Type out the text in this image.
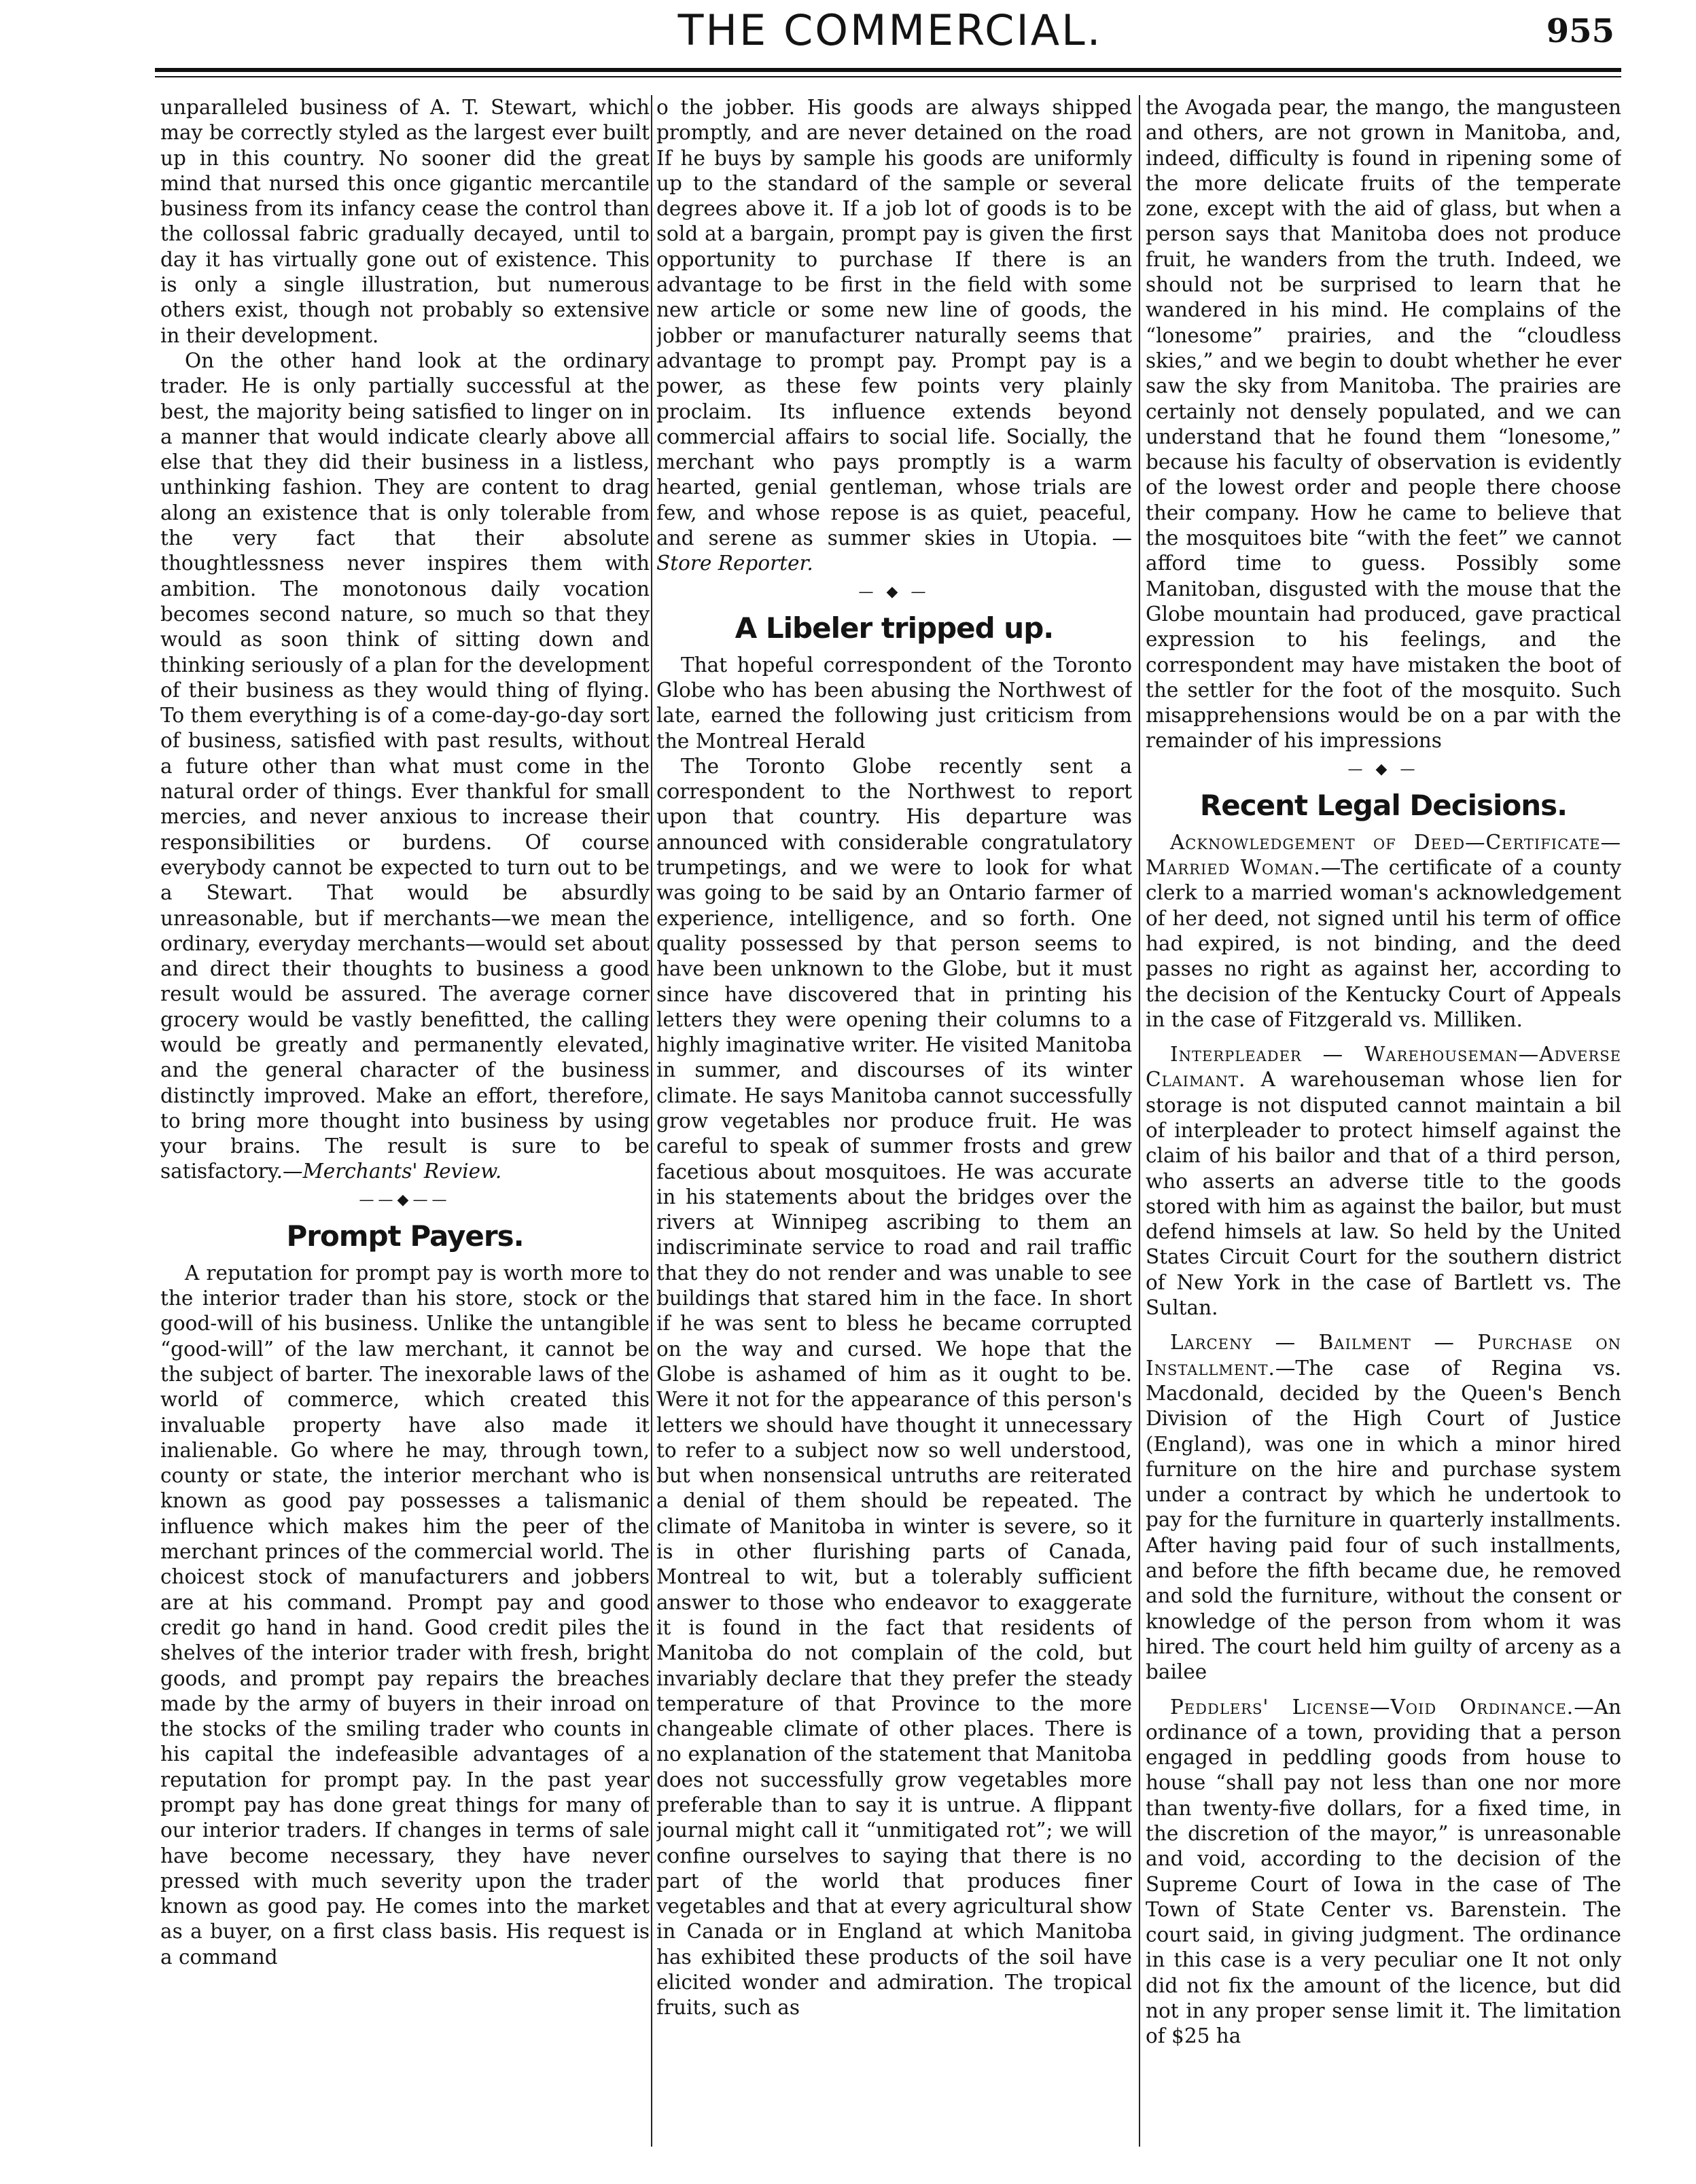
THE COMMERCIAL.	955

unparalleled business of A. T. Stewart, which may be correctly styled as the largest ever built up in this country. No sooner did the great mind that nursed this once gigantic mercantile business from its infancy cease the control than the collossal fabric gradually decayed, until to day it has virtually gone out of existence. This is only a single illustration, but numerous others exist, though not probably so extensive in their development.

On the other hand look at the ordinary trader. He is only partially successful at the best, the majority being satisfied to linger on in a manner that would indicate clearly above all else that they did their business in a listless, unthinking fashion. They are content to drag along an existence that is only tolerable from the very fact that their absolute thoughtlessness never inspires them with ambition. The monotonous daily vocation becomes second nature, so much so that they would as soon think of sitting down and thinking seriously of a plan for the development of their business as they would thing of flying. To them everything is of a come-day-go-day sort of business, satisfied with past results, without a future other than what must come in the natural order of things. Ever thankful for small mercies, and never anxious to increase their responsibilities or burdens. Of course everybody cannot be expected to turn out to be a Stewart. That would be absurdly unreasonable, but if merchants—we mean the ordinary, everyday merchants—would set about and direct their thoughts to business a good result would be assured. The average corner grocery would be vastly benefitted, the calling would be greatly and permanently elevated, and the general character of the business distinctly improved. Make an effort, therefore, to bring more thought into business by using your brains. The result is sure to be satisfactory.—Merchants' Review.

——◆——
Prompt Payers.

A reputation for prompt pay is worth more to the interior trader than his store, stock or the good-will of his business. Unlike the untangible “good-will” of the law merchant, it cannot be the subject of barter. The inexorable laws of the world of commerce, which created this invaluable property have also made it inalienable. Go where he may, through town, county or state, the interior merchant who is known as good pay possesses a talismanic influence which makes him the peer of the merchant princes of the commercial world. The choicest stock of manufacturers and jobbers are at his command. Prompt pay and good credit go hand in hand. Good credit piles the shelves of the interior trader with fresh, bright goods, and prompt pay repairs the breaches made by the army of buyers in their inroad on the stocks of the smiling trader who counts in his capital the indefeasible advantages of a reputation for prompt pay. In the past year prompt pay has done great things for many of our interior traders. If changes in terms of sale have become necessary, they have never pressed with much severity upon the trader known as good pay. He comes into the market as a buyer, on a first class basis. His request is a command

o the jobber. His goods are always shipped promptly, and are never detained on the road If he buys by sample his goods are uniformly up to the standard of the sample or several degrees above it. If a job lot of goods is to be sold at a bargain, prompt pay is given the first opportunity to purchase If there is an advantage to be first in the field with some new article or some new line of goods, the jobber or manufacturer naturally seems that advantage to prompt pay. Prompt pay is a power, as these few points very plainly proclaim. Its influence extends beyond commercial affairs to social life. Socially, the merchant who pays promptly is a warm hearted, genial gentleman, whose trials are few, and whose repose is as quiet, peaceful, and serene as summer skies in Utopia. —Store Reporter.

— ◆ —
A Libeler tripped up.

That hopeful correspondent of the Toronto Globe who has been abusing the Northwest of late, earned the following just criticism from the Montreal Herald

The Toronto Globe recently sent a correspondent to the Northwest to report upon that country. His departure was announced with considerable congratulatory trumpetings, and we were to look for what was going to be said by an Ontario farmer of experience, intelligence, and so forth. One quality possessed by that person seems to have been unknown to the Globe, but it must since have discovered that in printing his letters they were opening their columns to a highly imaginative writer. He visited Manitoba in summer, and discourses of its winter climate. He says Manitoba cannot successfully grow vegetables nor produce fruit. He was careful to speak of summer frosts and grew facetious about mosquitoes. He was accurate in his statements about the bridges over the rivers at Winnipeg ascribing to them an indiscriminate service to road and rail traffic that they do not render and was unable to see buildings that stared him in the face. In short if he was sent to bless he became corrupted on the way and cursed. We hope that the Globe is ashamed of him as it ought to be. Were it not for the appearance of this person's letters we should have thought it unnecessary to refer to a subject now so well understood, but when nonsensical untruths are reiterated a denial of them should be repeated. The climate of Manitoba in winter is severe, so it is in other flurishing parts of Canada, Montreal to wit, but a tolerably sufficient answer to those who endeavor to exaggerate it is found in the fact that residents of Manitoba do not complain of the cold, but invariably declare that they prefer the steady temperature of that Province to the more changeable climate of other places. There is no explanation of the statement that Manitoba does not successfully grow vegetables more preferable than to say it is untrue. A flippant journal might call it “unmitigated rot”; we will confine ourselves to saying that there is no part of the world that produces finer vegetables and that at every agricultural show in Canada or in England at which Manitoba has exhibited these products of the soil have elicited wonder and admiration. The tropical fruits, such as

the Avogada pear, the mango, the mangusteen and others, are not grown in Manitoba, and, indeed, difficulty is found in ripening some of the more delicate fruits of the temperate zone, except with the aid of glass, but when a person says that Manitoba does not produce fruit, he wanders from the truth. Indeed, we should not be surprised to learn that he wandered in his mind. He complains of the “lonesome” prairies, and the “cloudless skies,” and we begin to doubt whether he ever saw the sky from Manitoba. The prairies are certainly not densely populated, and we can understand that he found them “lonesome,” because his faculty of observation is evidently of the lowest order and people there choose their company. How he came to believe that the mosquitoes bite “with the feet” we cannot afford time to guess. Possibly some Manitoban, disgusted with the mouse that the Globe mountain had produced, gave practical expression to his feelings, and the correspondent may have mistaken the boot of the settler for the foot of the mosquito. Such misapprehensions would be on a par with the remainder of his impressions

— ◆ —
Recent Legal Decisions.

Acknowledgement of Deed—Certificate—Married Woman.—The certificate of a county clerk to a married woman's acknowledgement of her deed, not signed until his term of office had expired, is not binding, and the deed passes no right as against her, according to the decision of the Kentucky Court of Appeals in the case of Fitzgerald vs. Milliken.

Interpleader — Warehouseman—Adverse Claimant. A warehouseman whose lien for storage is not disputed cannot maintain a bil of interpleader to protect himself against the claim of his bailor and that of a third person, who asserts an adverse title to the goods stored with him as against the bailor, but must defend himsels at law. So held by the United States Circuit Court for the southern district of New York in the case of Bartlett vs. The Sultan.

Larceny — Bailment — Purchase on Installment.—The case of Regina vs. Macdonald, decided by the Queen's Bench Division of the High Court of Justice (England), was one in which a minor hired furniture on the hire and purchase system under a contract by which he undertook to pay for the furniture in quarterly installments. After having paid four of such installments, and before the fifth became due, he removed and sold the furniture, without the consent or knowledge of the person from whom it was hired. The court held him guilty of arceny as a bailee

Peddlers' License—Void Ordinance.—An ordinance of a town, providing that a person engaged in peddling goods from house to house “shall pay not less than one nor more than twenty-five dollars, for a fixed time, in the discretion of the mayor,” is unreasonable and void, according to the decision of the Supreme Court of Iowa in the case of The Town of State Center vs. Barenstein. The court said, in giving judgment. The ordinance in this case is a very peculiar one It not only did not fix the amount of the licence, but did not in any proper sense limit it. The limitation of $25 ha
